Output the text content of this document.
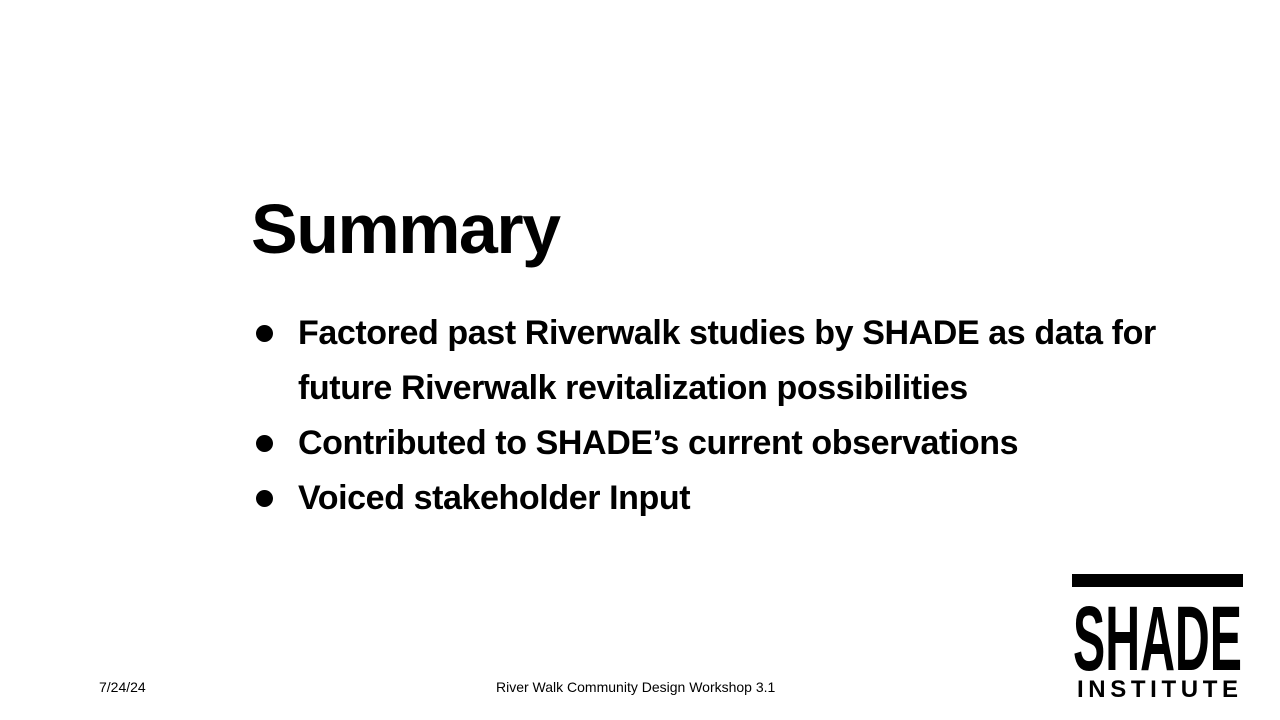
Summary
Factored past Riverwalk studies by SHADE as data for future Riverwalk revitalization possibilities
Contributed to SHADE’s current observations
Voiced stakeholder Input
7/24/24	River Walk Community Design Workshop 3.1	SHADE
INSTITUTE
